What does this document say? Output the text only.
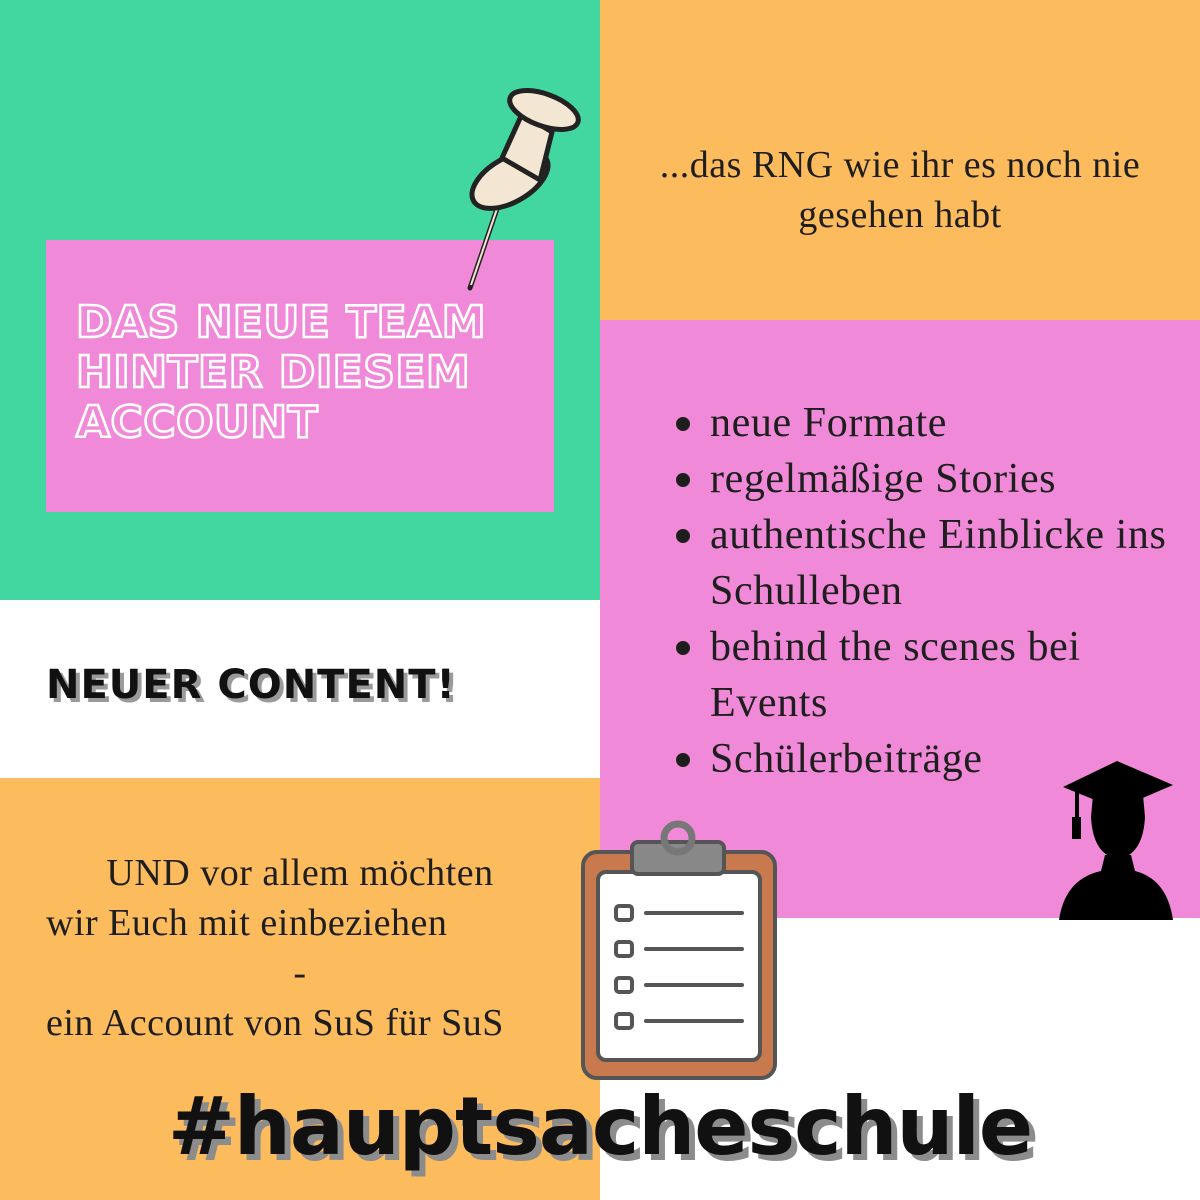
DAS NEUE TEAM HINTER DIESEM ACCOUNT

...das RNG wie ihr es noch nie gesehen habt

neue Formate
regelmäßige Stories
authentische Einblicke ins Schulleben
behind the scenes bei Events
Schülerbeiträge

NEUER CONTENT!

UND vor allem möchten
wir Euch mit einbeziehen
-
ein Account von SuS für SuS

#hauptsacheschule
